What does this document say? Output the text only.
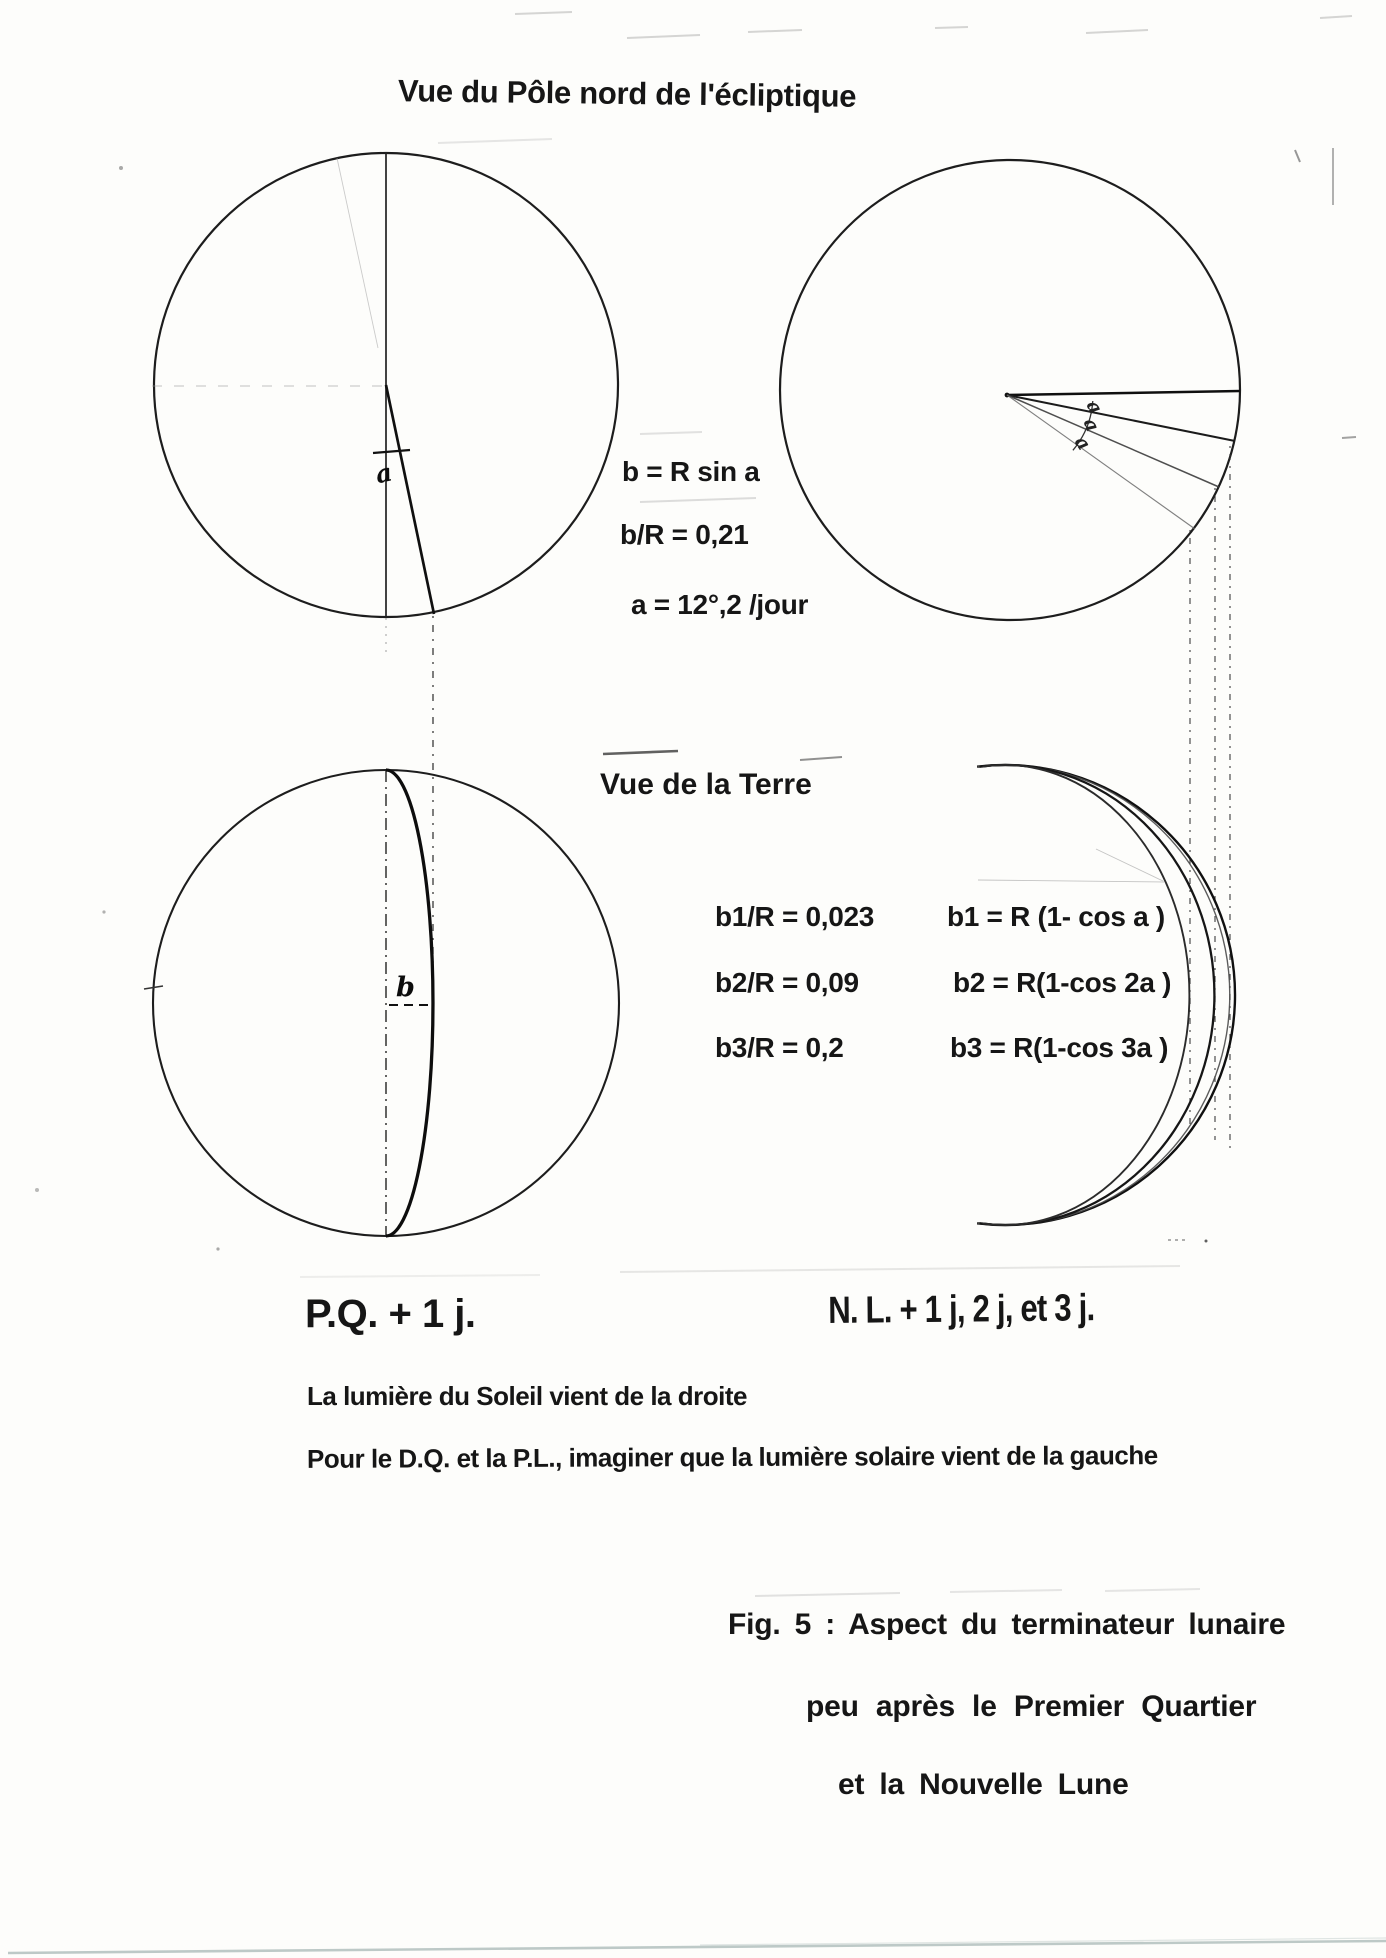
a
a
a
a
b
Vue du Pôle nord de l'écliptique
b = R sin a
b/R = 0,21
a = 12°,2 /jour
Vue de la Terre
b1/R = 0,023	b1 = R (1- cos a )
b2/R = 0,09	b2 = R(1-cos 2a )
b3/R = 0,2	b3 = R(1-cos 3a )
P.Q. + 1 j.	N. L. + 1 j, 2 j, et 3 j.
La lumière du Soleil vient de la droite
Pour le D.Q. et la P.L., imaginer que la lumière solaire vient de la gauche
Fig. 5 : Aspect du terminateur lunaire
peu après le Premier Quartier
et la Nouvelle Lune
